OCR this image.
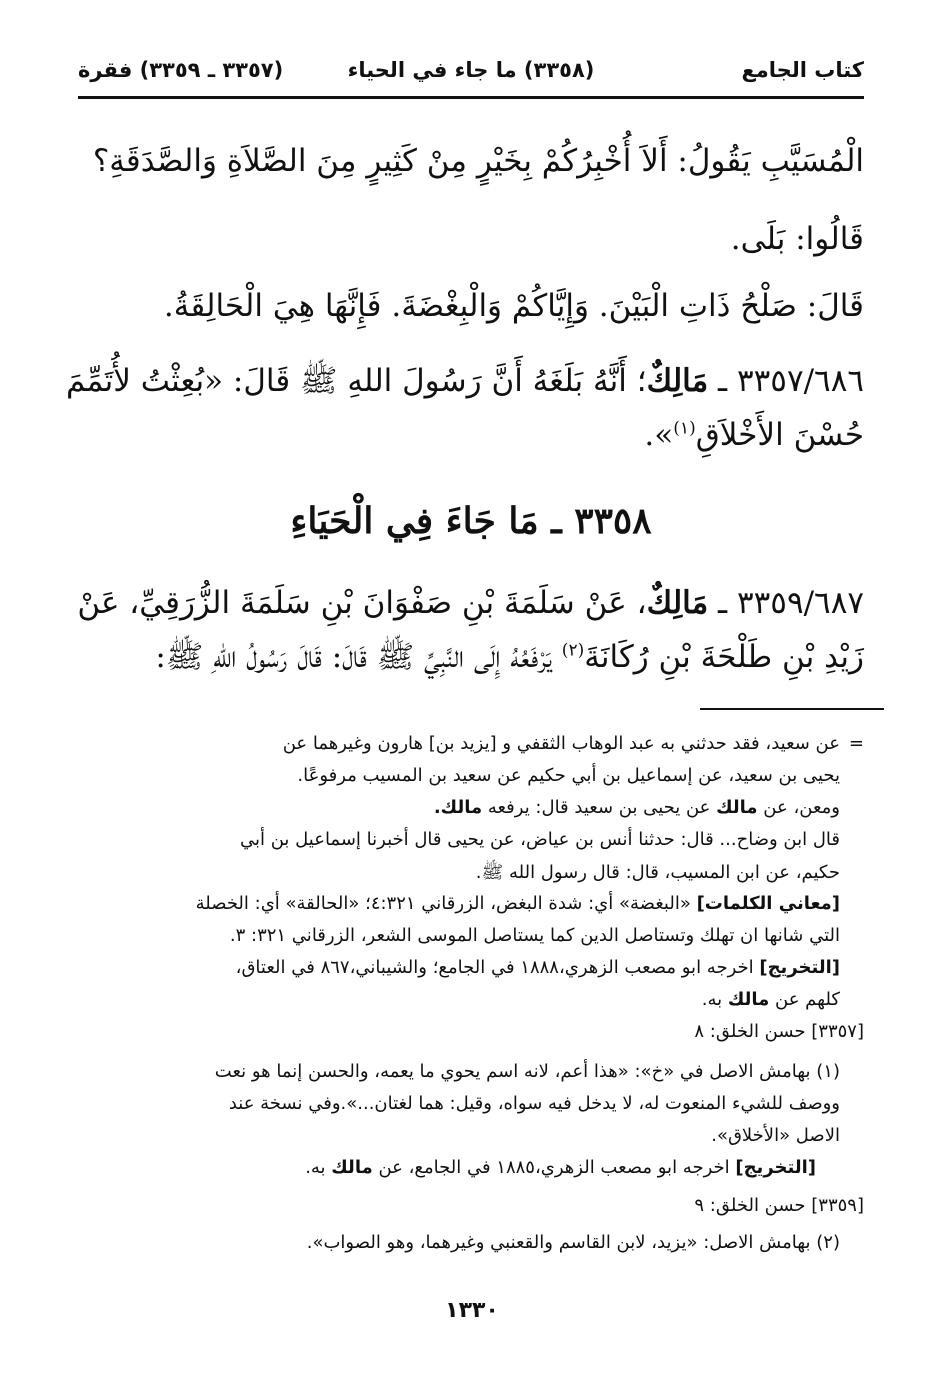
كتاب الجامع
(٣٣٥٨) ما جاء في الحياء
(٣٣٥٧ ـ ٣٣٥٩) فقرة

الْمُسَيَّبِ يَقُولُ: أَلاَ أُخْبِرُكُمْ بِخَيْرٍ مِنْ كَثِيرٍ مِنَ الصَّلاَةِ وَالصَّدَقَةِ؟

قَالُوا: بَلَى.

قَالَ: صَلْحُ ذَاتِ الْبَيْنَ. وَإِيَّاكُمْ وَالْبِغْضَةَ. فَإِنَّهَا هِيَ الْحَالِقَةُ.

٣٣٥٧/٦٨٦ ـ مَالِكٌ؛ أَنَّهُ بَلَغَهُ أَنَّ رَسُولَ اللهِ ﷺ قَالَ: «بُعِثْتُ لأُتَمِّمَ

حُسْنَ الأَخْلاَقِ$^{(١)}$».

٣٣٥٨ ـ مَا جَاءَ فِي الْحَيَاءِ

٣٣٥٩/٦٨٧ ـ مَالِكٌ، عَنْ سَلَمَةَ بْنِ صَفْوَانَ بْنِ سَلَمَةَ الزُّرَقِيِّ، عَنْ

زَيْدِ بْنِ طَلْحَةَ بْنِ رُكَانَةَ$^{(٢)}$ يَرْفَعُهُ إِلَى النَّبِيِّ ﷺ قَالَ: قَالَ رَسُولُ اللهِ ﷺ:

=
عن سعيد، فقد حدثني به عبد الوهاب الثقفي و [يزيد بن] هارون وغيرهما عن
يحيى بن سعيد، عن إسماعيل بن أبي حكيم عن سعيد بن المسيب مرفوعًا.
ومعن، عن مالك عن يحيى بن سعيد قال: يرفعه مالك.
قال ابن وضاح... قال: حدثنا أنس بن عياض، عن يحيى قال أخبرنا إسماعيل بن أبي
حكيم، عن ابن المسيب، قال: قال رسول الله ﷺ.
[معاني الكلمات] «البغضة» أي: شدة البغض، الزرقاني ٤:٣٢١؛ «الحالقة» أي: الخصلة
التي شانها ان تهلك وتستاصل الدين كما يستاصل الموسى الشعر، الزرقاني ٣٢١: ٣.
[التخريج] اخرجه ابو مصعب الزهري،١٨٨٨ في الجامع؛ والشيباني،٨٦٧ في العتاق،
كلهم عن مالك به.
[٣٣٥٧] حسن الخلق: ٨
(١) بهامش الاصل في «خ»: «هذا أعم، لانه اسم يحوي ما يعمه، والحسن إنما هو نعت
ووصف للشيء المنعوت له، لا يدخل فيه سواه، وقيل: هما لغتان...».وفي نسخة عند
الاصل «الأخلاق».
[التخريج] اخرجه ابو مصعب الزهري،١٨٨٥ في الجامع، عن مالك به.
[٣٣٥٩] حسن الخلق: ٩
(٢) بهامش الاصل: «يزيد، لابن القاسم والقعنبي وغيرهما، وهو الصواب».
١٣٣٠
